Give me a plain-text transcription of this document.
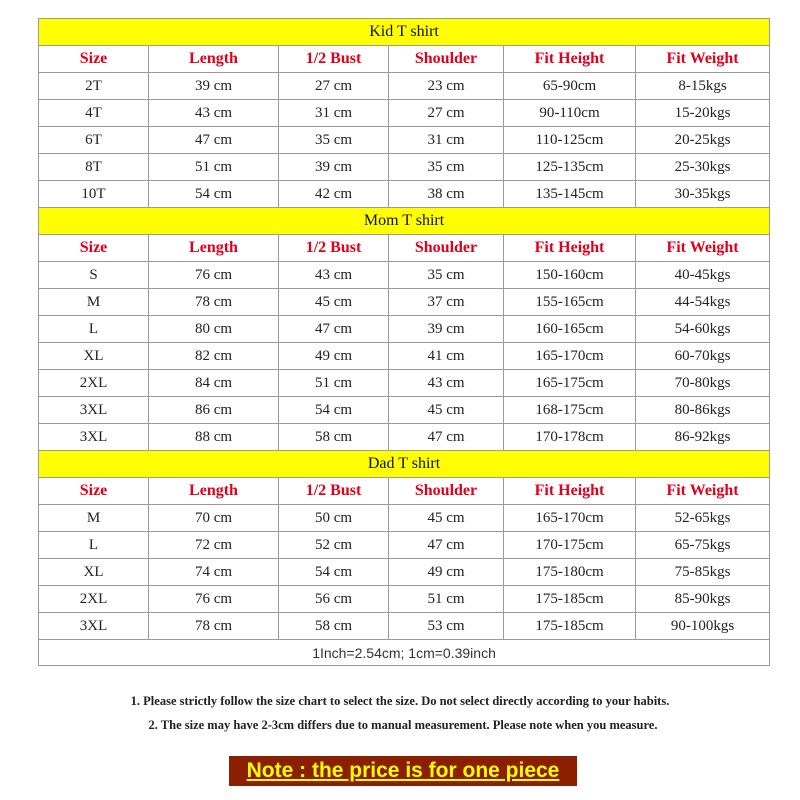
Kid T shirt					
Size	Length	1/2 Bust	Shoulder	Fit Height	Fit Weight
2T	39 cm	27 cm	23 cm	65-90cm	8-15kgs
4T	43 cm	31 cm	27 cm	90-110cm	15-20kgs
6T	47 cm	35 cm	31 cm	110-125cm	20-25kgs
8T	51 cm	39 cm	35 cm	125-135cm	25-30kgs
10T	54 cm	42 cm	38 cm	135-145cm	30-35kgs
Mom T shirt					
Size	Length	1/2 Bust	Shoulder	Fit Height	Fit Weight
S	76 cm	43 cm	35 cm	150-160cm	40-45kgs
M	78 cm	45 cm	37 cm	155-165cm	44-54kgs
L	80 cm	47 cm	39 cm	160-165cm	54-60kgs
XL	82 cm	49 cm	41 cm	165-170cm	60-70kgs
2XL	84 cm	51 cm	43 cm	165-175cm	70-80kgs
3XL	86 cm	54 cm	45 cm	168-175cm	80-86kgs
3XL	88 cm	58 cm	47 cm	170-178cm	86-92kgs
Dad T shirt					
Size	Length	1/2 Bust	Shoulder	Fit Height	Fit Weight
M	70 cm	50 cm	45 cm	165-170cm	52-65kgs
L	72 cm	52 cm	47 cm	170-175cm	65-75kgs
XL	74 cm	54 cm	49 cm	175-180cm	75-85kgs
2XL	76 cm	56 cm	51 cm	175-185cm	85-90kgs
3XL	78 cm	58 cm	53 cm	175-185cm	90-100kgs
1Inch=2.54cm; 1cm=0.39inch					
1. Please strictly follow the size chart to select the size. Do not select directly according to your habits.
2. The size may have 2-3cm differs due to manual measurement. Please note when you measure.
Note : the price is for one piece
